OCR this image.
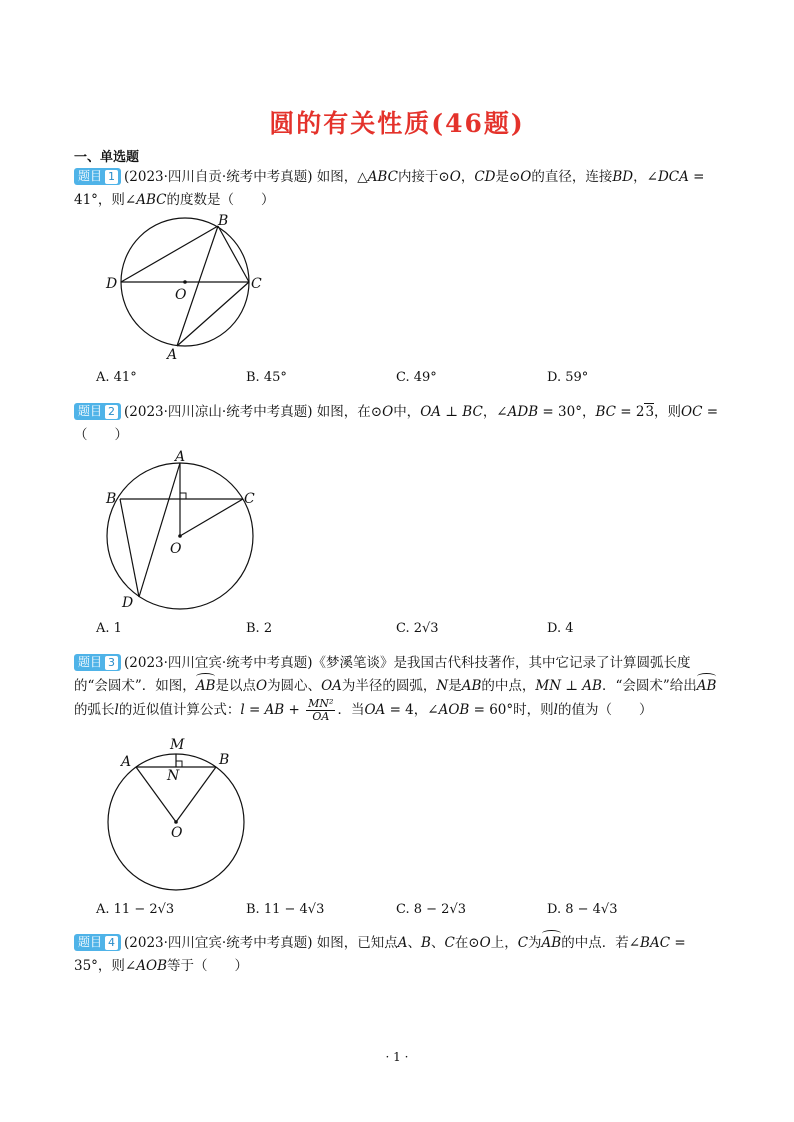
圆的有关性质(46题)
一、单选题
题目 1 (2023·四川自贡·统考中考真题) 如图，△ABC内接于⊙O，CD是⊙O的直径，连接BD，∠DCA = 41°，则∠ABC的度数是（　　）
D
O
C
B
A
A. 41°	B. 45°	C. 49°	D. 59°
题目 2 (2023·四川凉山·统考中考真题) 如图，在⊙O中，OA ⊥ BC，∠ADB = 30°，BC = 23，则OC =
（　　）
A
B	C
O
D
A. 1	B. 2	C. 2√3	D. 4
题目 3 (2023·四川宜宾·统考中考真题)《梦溪笔谈》是我国古代科技著作，其中它记录了计算圆弧长度的“会圆术”．如图，AB是以点O为圆心、OA为半径的圆弧，N是AB的中点，MN ⊥ AB．“会圆术”给出AB的弧长l的近似值计算公式：l = AB + $\frac{\text{MN²}}{OA}$ ．当OA = 4，∠AOB = 60°时，则l的值为（　　）
M
A	B
N
O
A. 11 − 2√3	B. 11 − 4√3	C. 8 − 2√3	D. 8 − 4√3
题目 4 (2023·四川宜宾·统考中考真题) 如图，已知点A、B、C在⊙O上，C为AB的中点．若∠BAC = 35°，则∠AOB等于（　　）
· 1 ·
